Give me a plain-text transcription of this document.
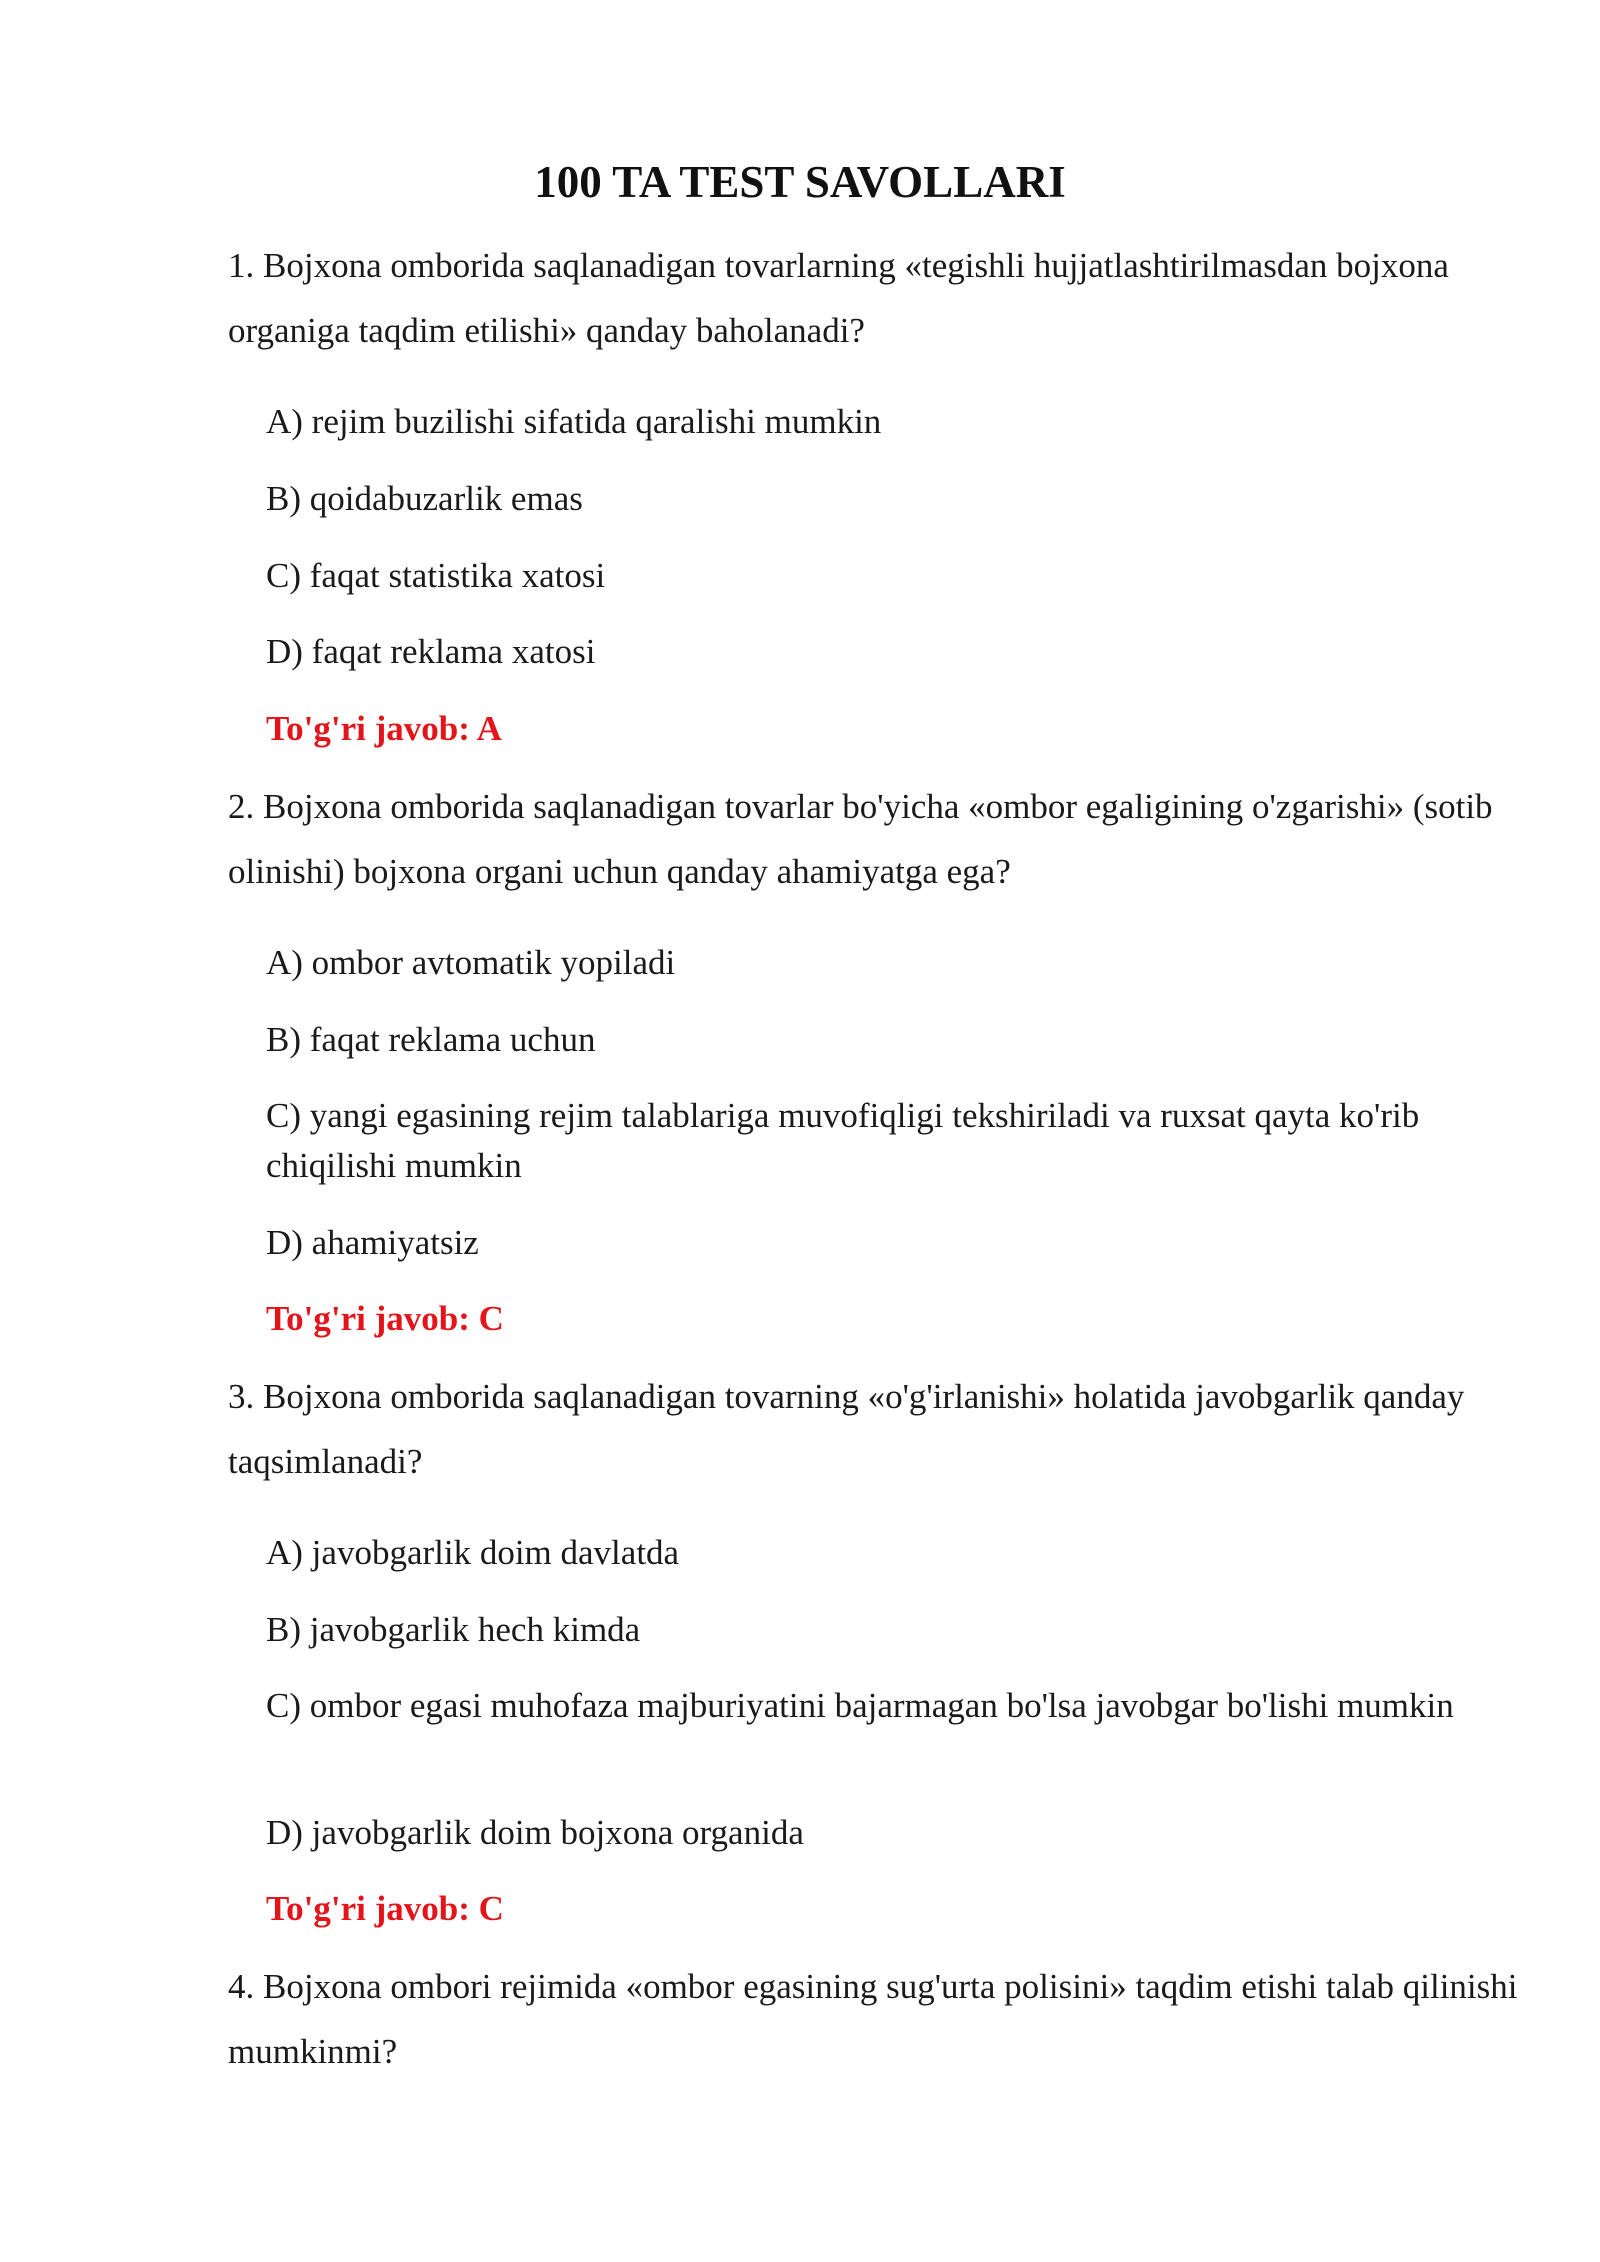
100 TA TEST SAVOLLARI

1. Bojxona omborida saqlanadigan tovarlarning «tegishli hujjatlashtirilmasdan bojxona organiga taqdim etilishi» qanday baholanadi?

A) rejim buzilishi sifatida qaralishi mumkin

B) qoidabuzarlik emas

C) faqat statistika xatosi

D) faqat reklama xatosi

To'g'ri javob: A

2. Bojxona omborida saqlanadigan tovarlar bo'yicha «ombor egaligining o'zgarishi» (sotib olinishi) bojxona organi uchun qanday ahamiyatga ega?

A) ombor avtomatik yopiladi

B) faqat reklama uchun

C) yangi egasining rejim talablariga muvofiqligi tekshiriladi va ruxsat qayta ko'rib chiqilishi mumkin

D) ahamiyatsiz

To'g'ri javob: C

3. Bojxona omborida saqlanadigan tovarning «o'g'irlanishi» holatida javobgarlik qanday taqsimlanadi?

A) javobgarlik doim davlatda

B) javobgarlik hech kimda

C) ombor egasi muhofaza majburiyatini bajarmagan bo'lsa javobgar bo'lishi mumkin

D) javobgarlik doim bojxona organida

To'g'ri javob: C

4. Bojxona ombori rejimida «ombor egasining sug'urta polisini» taqdim etishi talab qilinishi mumkinmi?
